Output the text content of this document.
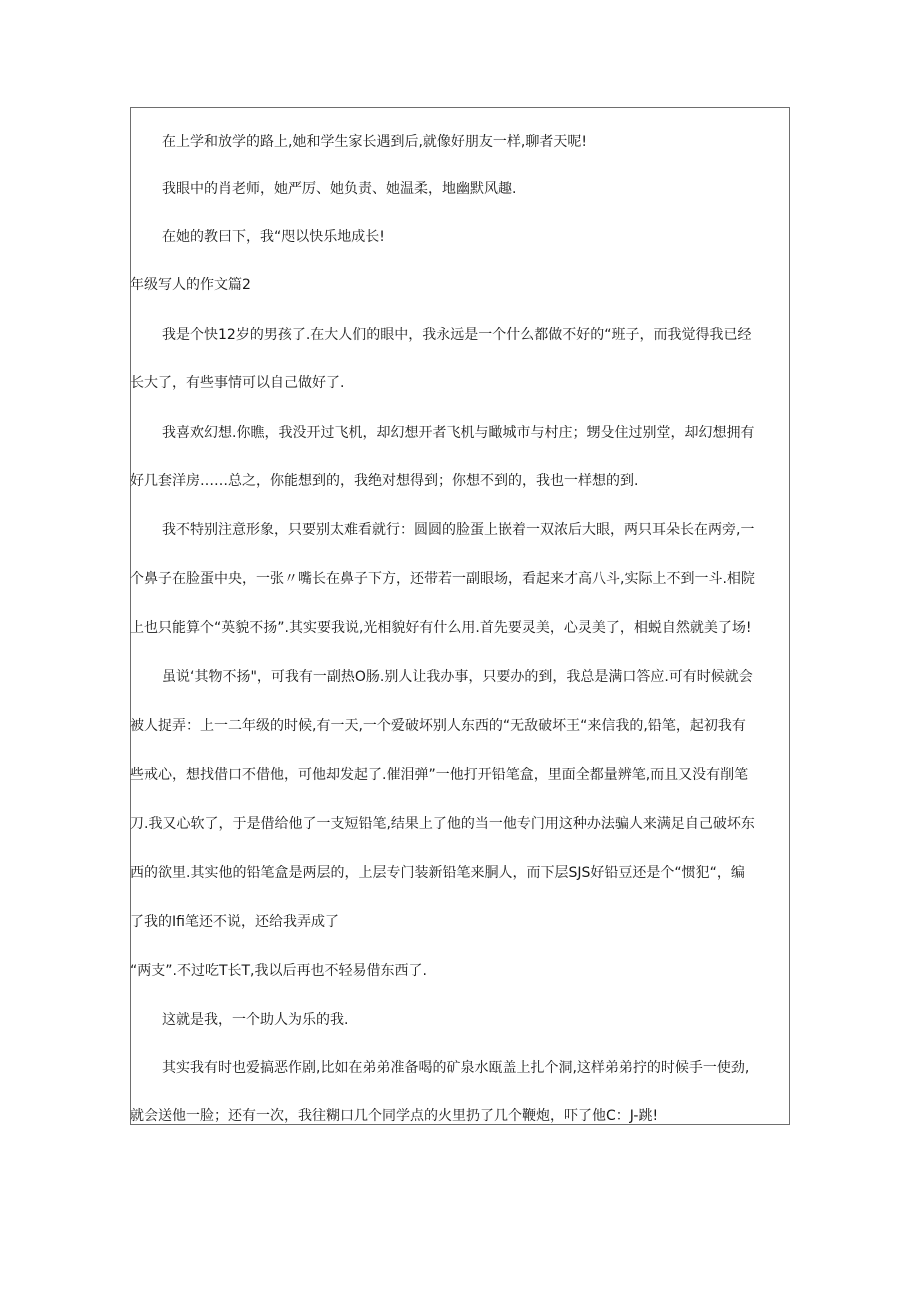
在上学和放学的路上,她和学生家长遇到后,就像好朋友一样,聊者天呢!
我眼中的肖老师，她严厉、她负责、她温柔，地幽默风趣.
在她的教曰下，我“咫以快乐地成长!
年级写人的作文篇2
我是个快12岁的男孩了.在大人们的眼中，我永远是一个什么都做不好的“班子，而我觉得我已经
长大了，有些事情可以自己做好了.
我喜欢幻想.你瞧，我没开过飞机，却幻想开者飞机与瞰城市与村庄；甥殳住过别堂，却幻想拥有
好几套洋房……总之，你能想到的，我绝对想得到；你想不到的，我也一样想的到.
我不特别注意形象，只要别太难看就行：圆圆的脸蛋上嵌着一双浓后大眼，两只耳朵长在两旁,一
个鼻子在脸蛋中央，一张〃嘴长在鼻子下方，还带若一副眼场，看起来才高八斗,实际上不到一斗.相院
上也只能算个“英貌不扬”.其实要我说,光相貌好有什么用.首先要灵美，心灵美了，相蜕自然就美了场!
虽说‘其物不扬"，可我有一副热O肠.别人让我办事，只要办的到，我总是满口答应.可有时候就会
被人捉弄：上一二年级的时候,有一天,一个爱破坏别人东西的“无敌破坏王“来信我的,铅笔，起初我有
些戒心，想找借口不借他，可他却发起了.催泪弹”一他打开铅笔盒，里面全都量辨笔,而且又没有削笔
刀.我又心软了，于是借给他了一支短铅笔,结果上了他的当一他专门用这种办法骗人来满足自己破坏东
西的欲里.其实他的铅笔盒是两层的，上层专门装新铅笔来胴人，而下层SJS好铅豆还是个“惯犯“，编
了我的Ifi笔还不说，还给我弄成了
“两支”.不过吃T长T,我以后再也不轻易借东西了.
这就是我，一个助人为乐的我.
其实我有时也爱搞恶作剧,比如在弟弟准备喝的矿泉水瓯盖上扎个洞,这样弟弟拧的时候手一使劲,
就会送他一脸；还有一次，我往糊口几个同学点的火里扔了几个鞭炮，吓了他C：J-跳!
